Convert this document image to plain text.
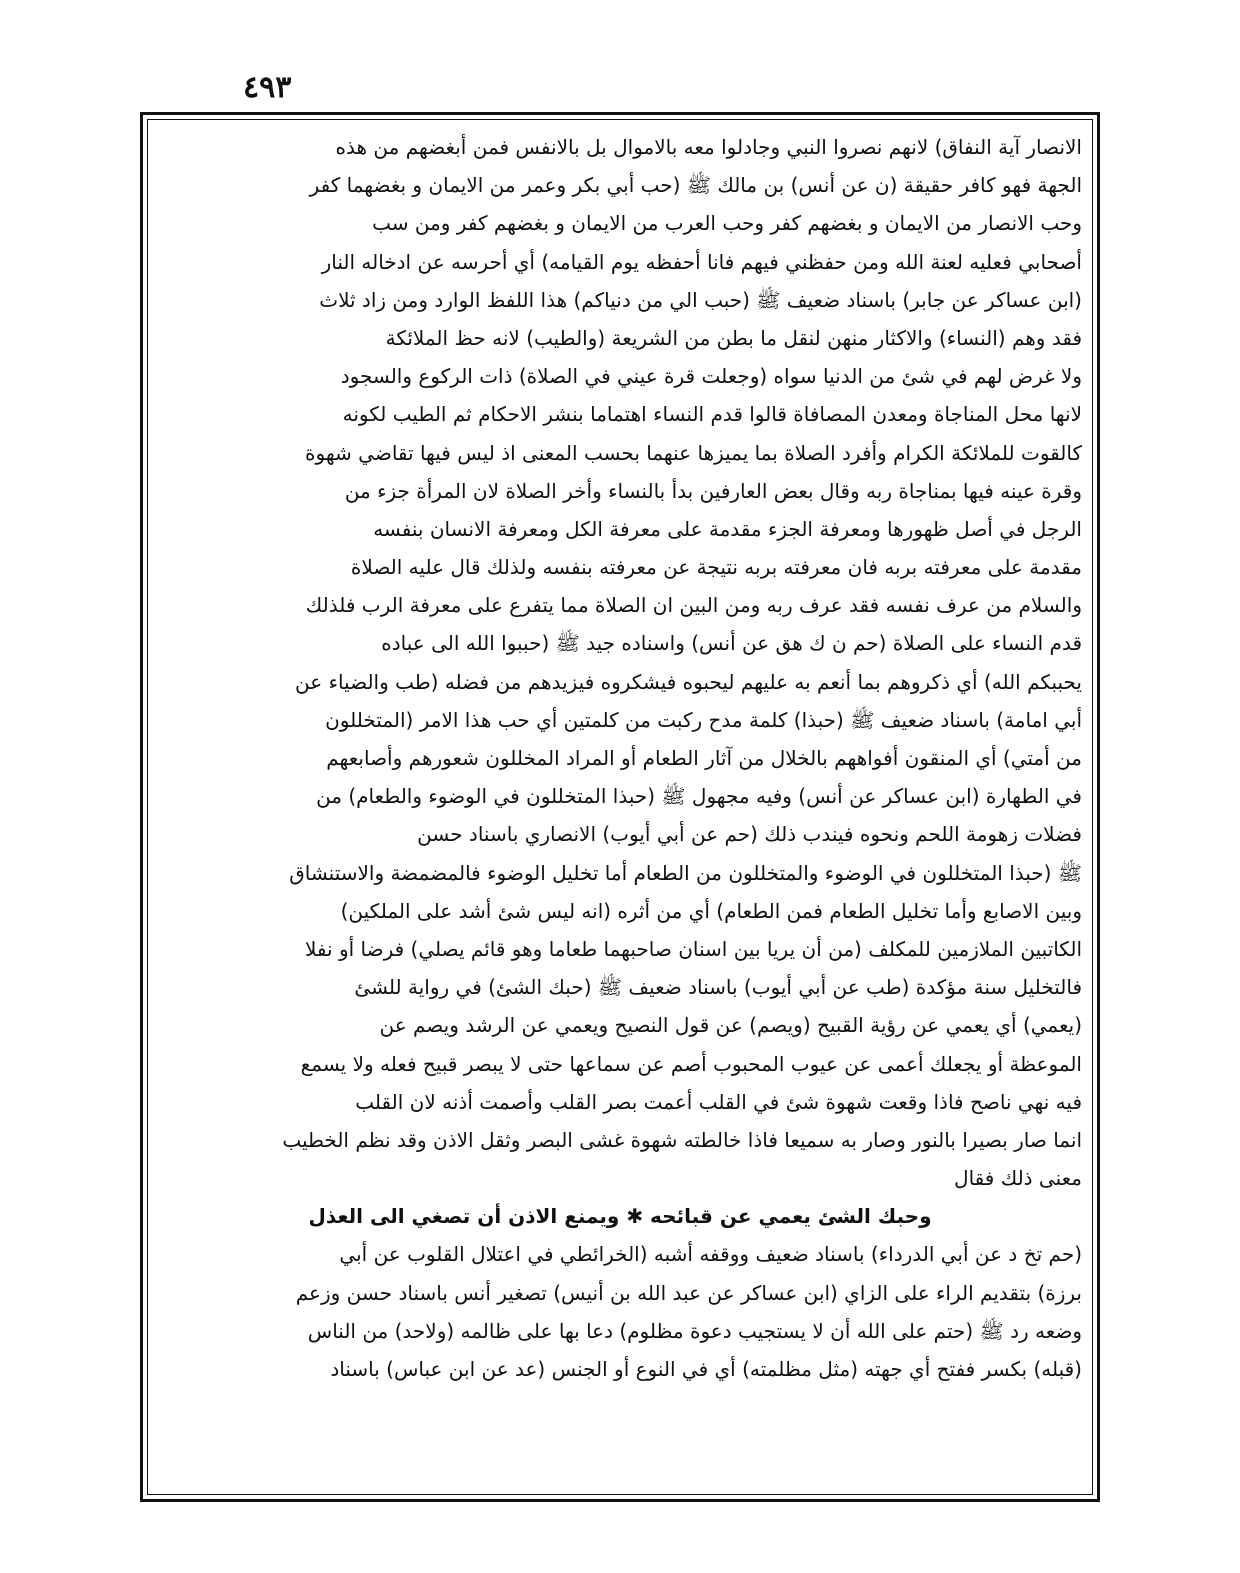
٤٩٣
الانصار آية النفاق) لانهم نصروا النبي وجادلوا معه بالاموال بل بالانفس فمن أبغضهم من هذه
الجهة فهو كافر حقيقة (ن عن أنس) بن مالك ﷺ (حب أبي بكر وعمر من الايمان و بغضهما كفر
وحب الانصار من الايمان و بغضهم كفر وحب العرب من الايمان و بغضهم كفر ومن سب
أصحابي فعليه لعنة الله ومن حفظني فيهم فانا أحفظه يوم القيامه) أي أحرسه عن ادخاله النار
(ابن عساكر عن جابر) باسناد ضعيف ﷺ (حبب الي من دنياكم) هذا اللفظ الوارد ومن زاد ثلاث
فقد وهم (النساء) والاكثار منهن لنقل ما بطن من الشريعة (والطيب) لانه حظ الملائكة
ولا غرض لهم في شئ من الدنيا سواه (وجعلت قرة عيني في الصلاة) ذات الركوع والسجود
لانها محل المناجاة ومعدن المصافاة قالوا قدم النساء اهتماما بنشر الاحكام ثم الطيب لكونه
كالقوت للملائكة الكرام وأفرد الصلاة بما يميزها عنهما بحسب المعنى اذ ليس فيها تقاضي شهوة
وقرة عينه فيها بمناجاة ربه وقال بعض العارفين بدأ بالنساء وأخر الصلاة لان المرأة جزء من
الرجل في أصل ظهورها ومعرفة الجزء مقدمة على معرفة الكل ومعرفة الانسان بنفسه
مقدمة على معرفته بربه فان معرفته بربه نتيجة عن معرفته بنفسه ولذلك قال عليه الصلاة
والسلام من عرف نفسه فقد عرف ربه ومن البين ان الصلاة مما يتفرع على معرفة الرب فلذلك
قدم النساء على الصلاة (حم ن ك هق عن أنس) واسناده جيد ﷺ (حببوا الله الى عباده
يحببكم الله) أي ذكروهم بما أنعم به عليهم ليحبوه فيشكروه فيزيدهم من فضله (طب والضياء عن
أبي امامة) باسناد ضعيف ﷺ (حبذا) كلمة مدح ركبت من كلمتين أي حب هذا الامر (المتخللون
من أمتي) أي المنقون أفواههم بالخلال من آثار الطعام أو المراد المخللون شعورهم وأصابعهم
في الطهارة (ابن عساكر عن أنس) وفيه مجهول ﷺ (حبذا المتخللون في الوضوء والطعام) من
فضلات زهومة اللحم ونحوه فيندب ذلك (حم عن أبي أيوب) الانصاري باسناد حسن
ﷺ (حبذا المتخللون في الوضوء والمتخللون من الطعام أما تخليل الوضوء فالمضمضة والاستنشاق
وبين الاصابع وأما تخليل الطعام فمن الطعام) أي من أثره (انه ليس شئ أشد على الملكين)
الكاتبين الملازمين للمكلف (من أن يريا بين اسنان صاحبهما طعاما وهو قائم يصلي) فرضا أو نفلا
فالتخليل سنة مؤكدة (طب عن أبي أيوب) باسناد ضعيف ﷺ (حبك الشئ) في رواية للشئ
(يعمي) أي يعمي عن رؤية القبيح (ويصم) عن قول النصيح ويعمي عن الرشد ويصم عن
الموعظة أو يجعلك أعمى عن عيوب المحبوب أصم عن سماعها حتى لا يبصر قبيح فعله ولا يسمع
فيه نهي ناصح فاذا وقعت شهوة شئ في القلب أعمت بصر القلب وأصمت أذنه لان القلب
انما صار بصيرا بالنور وصار به سميعا فاذا خالطته شهوة غشى البصر وثقل الاذن وقد نظم الخطيب
معنى ذلك فقال
وحبك الشئ يعمي عن قبائحه ✱ ويمنع الاذن أن تصغي الى العذل
(حم تخ د عن أبي الدرداء) باسناد ضعيف ووقفه أشبه (الخرائطي في اعتلال القلوب عن أبي
برزة) بتقديم الراء على الزاي (ابن عساكر عن عبد الله بن أنيس) تصغير أنس باسناد حسن وزعم
وضعه رد ﷺ (حتم على الله أن لا يستجيب دعوة مظلوم) دعا بها على ظالمه (ولاحد) من الناس
(قبله) بكسر ففتح أي جهته (مثل مظلمته) أي في النوع أو الجنس (عد عن ابن عباس) باسناد
